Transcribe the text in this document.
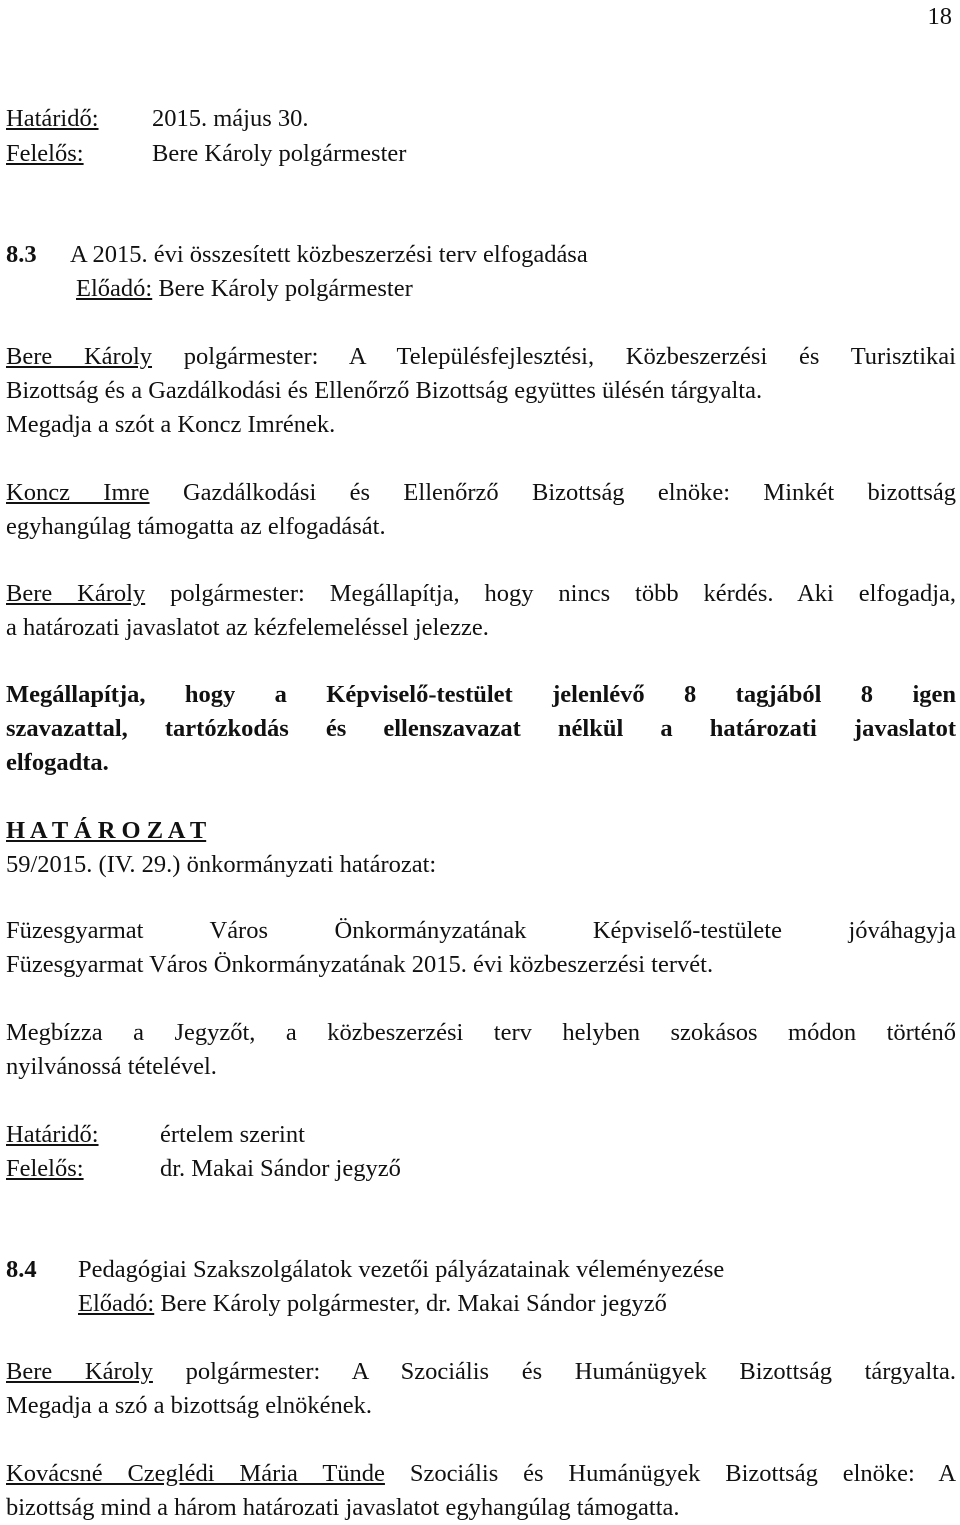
18
Határidő: 2015. május 30.
Felelős:	Bere Károly polgármester
8.3 A 2015. évi összesített közbeszerzési terv elfogadása
Előadó: Bere Károly polgármester
Bere Károly polgármester: A Településfejlesztési, Közbeszerzési és Turisztikai
Bizottság és a Gazdálkodási és Ellenőrző Bizottság együttes ülésén tárgyalta.
Megadja a szót a Koncz Imrének.
Koncz Imre Gazdálkodási és Ellenőrző Bizottság elnöke: Minkét bizottság
egyhangúlag támogatta az elfogadását.
Bere Károly polgármester: Megállapítja, hogy nincs több kérdés. Aki elfogadja,
a határozati javaslatot az kézfelemeléssel jelezze.
Megállapítja, hogy a Képviselő-testület jelenlévő 8 tagjából 8 igen
szavazattal, tartózkodás és ellenszavazat nélkül a határozati javaslatot
elfogadta.
H A T Á R O Z A T
59/2015. (IV. 29.) önkormányzati határozat:
Füzesgyarmat Város Önkormányzatának Képviselő-testülete jóváhagyja
Füzesgyarmat Város Önkormányzatának 2015. évi közbeszerzési tervét.
Megbízza a Jegyzőt, a közbeszerzési terv helyben szokásos módon történő
nyilvánossá tételével.
Határidő:	értelem szerint
Felelős:	dr. Makai Sándor jegyző
8.4 Pedagógiai Szakszolgálatok vezetői pályázatainak véleményezése
Előadó: Bere Károly polgármester, dr. Makai Sándor jegyző
Bere Károly polgármester: A Szociális és Humánügyek Bizottság tárgyalta.
Megadja a szó a bizottság elnökének.
Kovácsné Czeglédi Mária Tünde Szociális és Humánügyek Bizottság elnöke: A
bizottság mind a három határozati javaslatot egyhangúlag támogatta.
